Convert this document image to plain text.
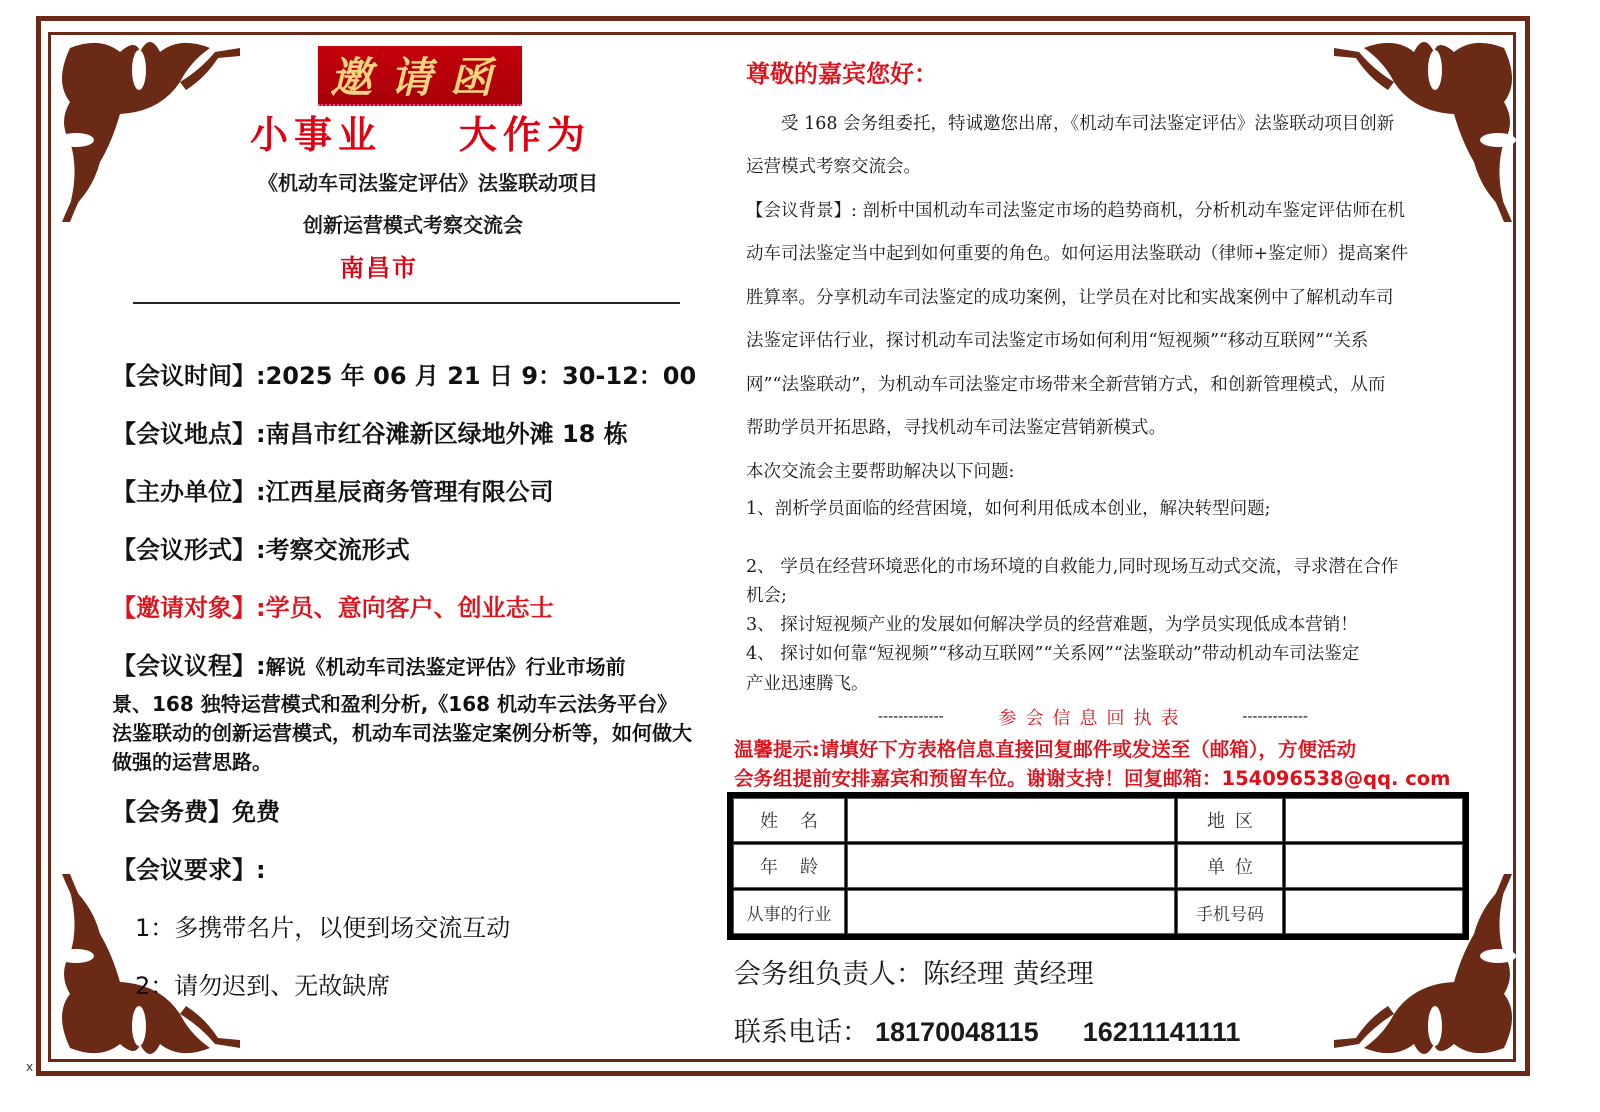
邀请函
小事业    大作为
《机动车司法鉴定评估》法鉴联动项目
创新运营模式考察交流会
南昌市
【会议时间】:2025 年 06 月 21 日 9：30-12：00
【会议地点】:南昌市红谷滩新区绿地外滩 18 栋
【主办单位】:江西星辰商务管理有限公司
【会议形式】:考察交流形式
【邀请对象】:学员、意向客户、创业志士
【会议议程】:解说《机动车司法鉴定评估》行业市场前
景、168 独特运营模式和盈利分析,《168 机动车云法务平台》法鉴联动的创新运营模式，机动车司法鉴定案例分析等，如何做大做强的运营思路。
【会务费】免费
【会议要求】:
1：多携带名片，以便到场交流互动
2：请勿迟到、无故缺席
尊敬的嘉宾您好：
　　受 168 会务组委托，特诚邀您出席，《机动车司法鉴定评估》法鉴联动项目创新
运营模式考察交流会。
【会议背景】: 剖析中国机动车司法鉴定市场的趋势商机，分析机动车鉴定评估师在机
动车司法鉴定当中起到如何重要的角色。如何运用法鉴联动（律师+鉴定师）提高案件
胜算率。分享机动车司法鉴定的成功案例，让学员在对比和实战案例中了解机动车司
法鉴定评估行业，探讨机动车司法鉴定市场如何利用“短视频”“移动互联网”“关系
网”“法鉴联动”，为机动车司法鉴定市场带来全新营销方式，和创新管理模式，从而
帮助学员开拓思路，寻找机动车司法鉴定营销新模式。
本次交流会主要帮助解决以下问题:
1、剖析学员面临的经营困境，如何利用低成本创业，解决转型问题;
2、 学员在经营环境恶化的市场环境的自救能力,同时现场互动式交流，寻求潜在合作
机会;
3、 探讨短视频产业的发展如何解决学员的经营难题，为学员实现低成本营销！
4、 探讨如何靠“短视频”“移动互联网”“关系网”“法鉴联动”带动机动车司法鉴定
产业迅速腾飞。
-------------	参会信息回执表	-------------
温馨提示:请填好下方表格信息直接回复邮件或发送至（邮箱），方便活动
会务组提前安排嘉宾和预留车位。谢谢支持！回复邮箱：154096538@qq. com
姓名	地区
年龄	单位
从事的行业	手机号码
会务组负责人：陈经理 黄经理
联系电话： 18170048115 16211141111
x
